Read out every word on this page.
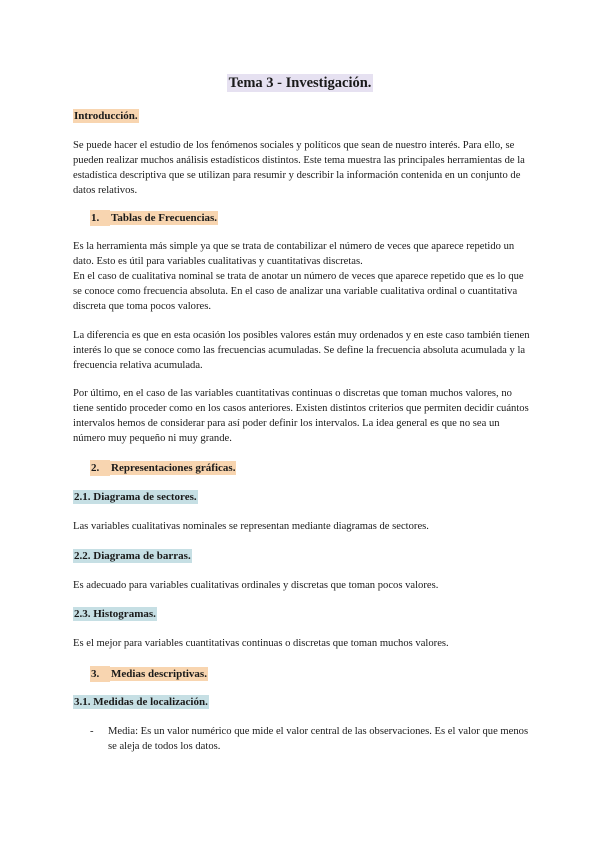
Tema 3 - Investigación.
Introducción.

Se puede hacer el estudio de los fenómenos sociales y políticos que sean de nuestro interés. Para ello, se pueden realizar muchos análisis estadísticos distintos. Este tema muestra las principales herramientas de la estadística descriptiva que se utilizan para resumir y describir la información contenida en un conjunto de datos relativos.

1. Tablas de Frecuencias.

Es la herramienta más simple ya que se trata de contabilizar el número de veces que aparece repetido un dato. Esto es útil para variables cualitativas y cuantitativas discretas.

En el caso de cualitativa nominal se trata de anotar un número de veces que aparece repetido que es lo que se conoce como frecuencia absoluta. En el caso de analizar una variable cualitativa ordinal o cuantitativa discreta que toma pocos valores.

La diferencia es que en esta ocasión los posibles valores están muy ordenados y en este caso también tienen interés lo que se conoce como las frecuencias acumuladas. Se define la frecuencia absoluta acumulada y la frecuencia relativa acumulada.

Por último, en el caso de las variables cuantitativas continuas o discretas que toman muchos valores, no tiene sentido proceder como en los casos anteriores. Existen distintos criterios que permiten decidir cuántos intervalos hemos de considerar para así poder definir los intervalos. La idea general es que no sea un número muy pequeño ni muy grande.

2. Representaciones gráficas.
2.1. Diagrama de sectores.

Las variables cualitativas nominales se representan mediante diagramas de sectores.

2.2. Diagrama de barras.

Es adecuado para variables cualitativas ordinales y discretas que toman pocos valores.

2.3. Histogramas.

Es el mejor para variables cuantitativas continuas o discretas que toman muchos valores.

3. Medias descriptivas.
3.1. Medidas de localización.
-	Media: Es un valor numérico que mide el valor central de las observaciones. Es el valor que menos se aleja de todos los datos.
